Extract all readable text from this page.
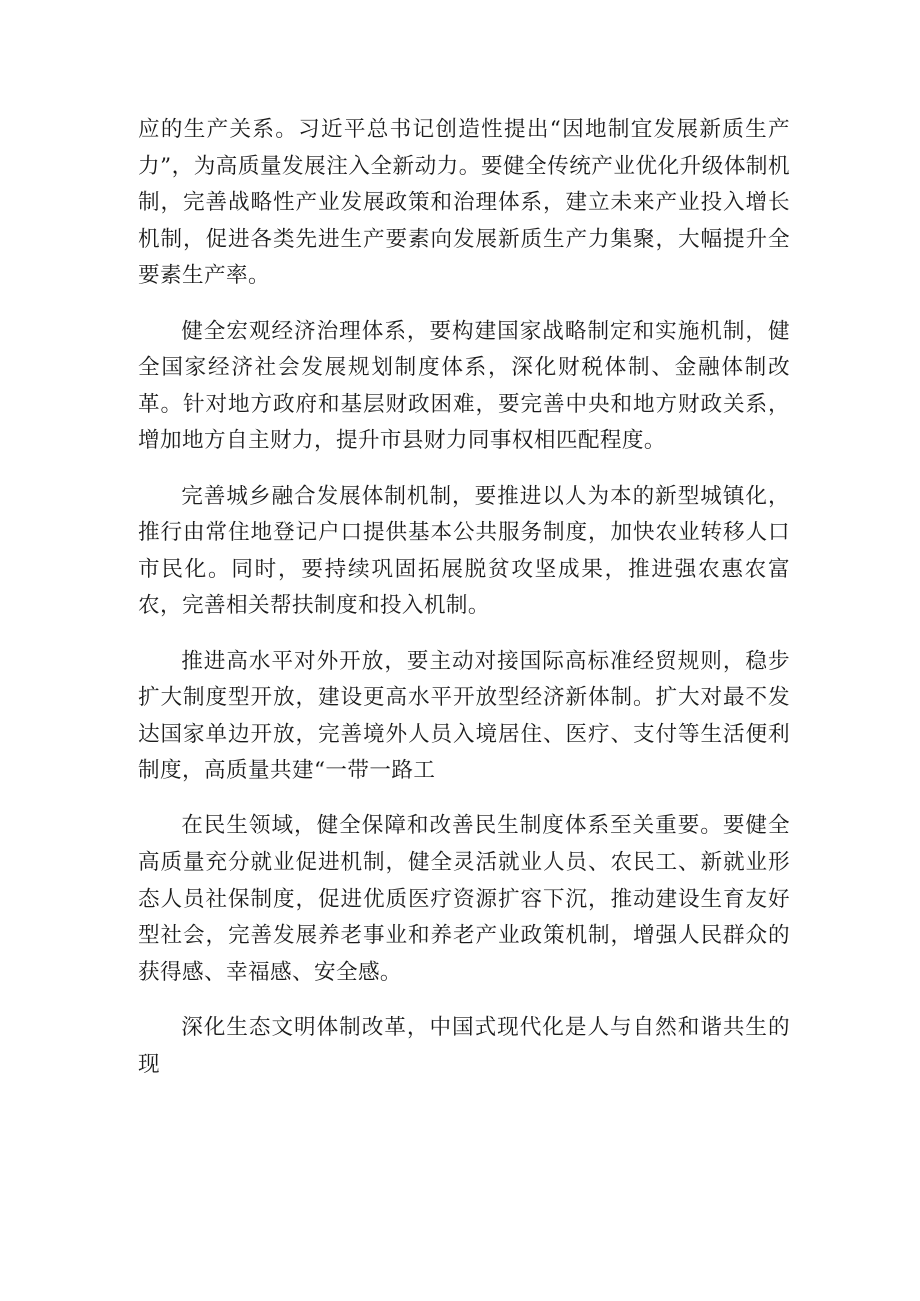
应的生产关系。习近平总书记创造性提出“因地制宜发展新质生产力”，为高质量发展注入全新动力。要健全传统产业优化升级体制机制，完善战略性产业发展政策和治理体系，建立未来产业投入增长机制，促进各类先进生产要素向发展新质生产力集聚，大幅提升全要素生产率。

健全宏观经济治理体系，要构建国家战略制定和实施机制，健全国家经济社会发展规划制度体系，深化财税体制、金融体制改革。针对地方政府和基层财政困难，要完善中央和地方财政关系，增加地方自主财力，提升市县财力同事权相匹配程度。

完善城乡融合发展体制机制，要推进以人为本的新型城镇化，推行由常住地登记户口提供基本公共服务制度，加快农业转移人口市民化。同时，要持续巩固拓展脱贫攻坚成果，推进强农惠农富农，完善相关帮扶制度和投入机制。

推进高水平对外开放，要主动对接国际高标准经贸规则，稳步扩大制度型开放，建设更高水平开放型经济新体制。扩大对最不发达国家单边开放，完善境外人员入境居住、医疗、支付等生活便利制度，高质量共建“一带一路工

在民生领域，健全保障和改善民生制度体系至关重要。要健全高质量充分就业促进机制，健全灵活就业人员、农民工、新就业形态人员社保制度，促进优质医疗资源扩容下沉，推动建设生育友好型社会，完善发展养老事业和养老产业政策机制，增强人民群众的获得感、幸福感、安全感。

深化生态文明体制改革，中国式现代化是人与自然和谐共生的现
